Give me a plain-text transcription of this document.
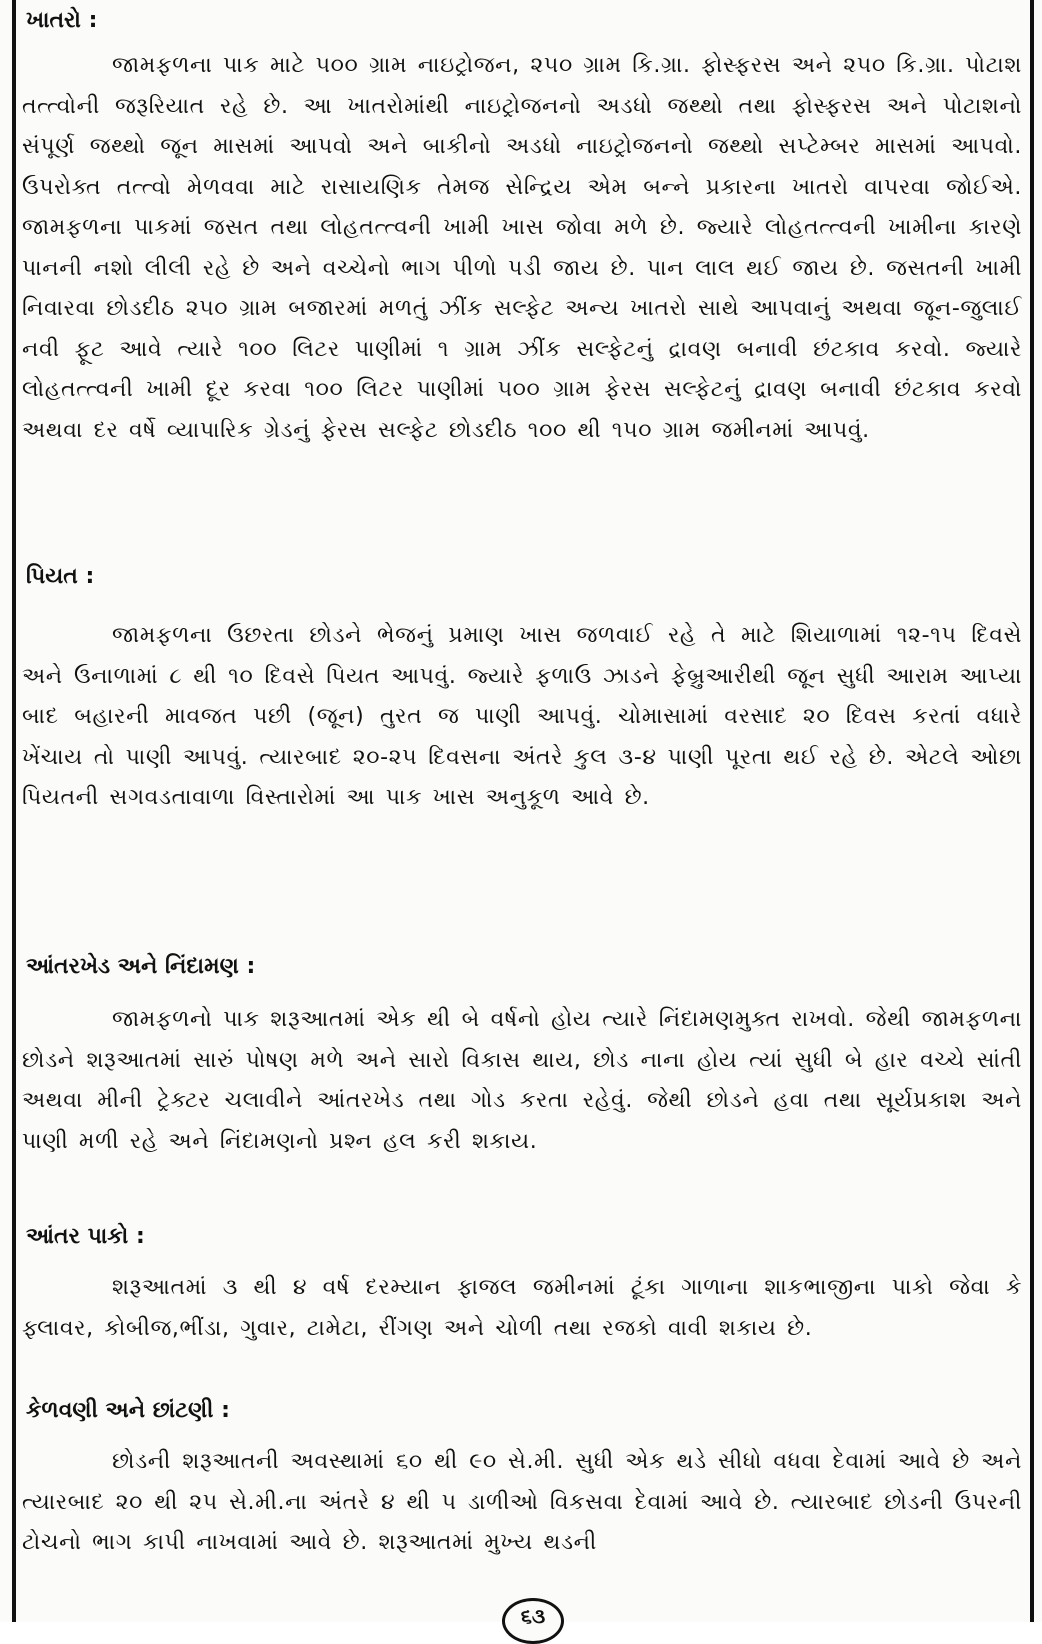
ખાતરો :

જામફળના પાક માટે ૫૦૦ ગ્રામ નાઇટ્રોજન, ૨૫૦ ગ્રામ કિ.ગ્રા. ફોસ્ફરસ અને ૨૫૦ કિ.ગ્રા. પોટાશ તત્ત્વોની જરૂરિયાત રહે છે. આ ખાતરોમાંથી નાઇટ્રોજનનો અડધો જથ્થો તથા ફોસ્ફરસ અને પોટાશનો સંપૂર્ણ જથ્થો જૂન માસમાં આપવો અને બાકીનો અડધો નાઇટ્રોજનનો જથ્થો સપ્ટેમ્બર માસમાં આપવો. ઉપરોક્ત તત્ત્વો મેળવવા માટે રાસાયણિક તેમજ સેન્દ્રિય એમ બન્ને પ્રકારના ખાતરો વાપરવા જોઈએ. જામફળના પાકમાં જસત તથા લોહતત્ત્વની ખામી ખાસ જોવા મળે છે. જ્યારે લોહતત્ત્વની ખામીના કારણે પાનની નશો લીલી રહે છે અને વચ્ચેનો ભાગ પીળો પડી જાય છે. પાન લાલ થઈ જાય છે. જસતની ખામી નિવારવા છોડદીઠ ૨૫૦ ગ્રામ બજારમાં મળતું ઝીંક સલ્ફેટ અન્ય ખાતરો સાથે આપવાનું અથવા જૂન-જુલાઈ નવી ફૂટ આવે ત્યારે ૧૦૦ લિટર પાણીમાં ૧ ગ્રામ ઝીંક સલ્ફેટનું દ્રાવણ બનાવી છંટકાવ કરવો. જ્યારે લોહતત્ત્વની ખામી દૂર કરવા ૧૦૦ લિટર પાણીમાં ૫૦૦ ગ્રામ ફેરસ સલ્ફેટનું દ્રાવણ બનાવી છંટકાવ કરવો અથવા દર વર્ષે વ્યાપારિક ગ્રેડનું ફેરસ સલ્ફેટ છોડદીઠ ૧૦૦ થી ૧૫૦ ગ્રામ જમીનમાં આપવું.

પિયત :

જામફળના ઉછરતા છોડને ભેજનું પ્રમાણ ખાસ જળવાઈ રહે તે માટે શિયાળામાં ૧૨-૧૫ દિવસે અને ઉનાળામાં ૮ થી ૧૦ દિવસે પિયત આપવું. જ્યારે ફળાઉ ઝાડને ફેબ્રુઆરીથી જૂન સુધી આરામ આપ્યા બાદ બહારની માવજત પછી (જૂન) તુરત જ પાણી આપવું. ચોમાસામાં વરસાદ ૨૦ દિવસ કરતાં વધારે ખેંચાય તો પાણી આપવું. ત્યારબાદ ૨૦-૨૫ દિવસના અંતરે કુલ ૩-૪ પાણી પૂરતા થઈ રહે છે. એટલે ઓછા પિયતની સગવડતાવાળા વિસ્તારોમાં આ પાક ખાસ અનુકૂળ આવે છે.

આંતરખેડ અને નિંદામણ :

જામફળનો પાક શરૂઆતમાં એક થી બે વર્ષનો હોય ત્યારે નિંદામણમુક્ત રાખવો. જેથી જામફળના છોડને શરૂઆતમાં સારું પોષણ મળે અને સારો વિકાસ થાય, છોડ નાના હોય ત્યાં સુધી બે હાર વચ્ચે સાંતી અથવા મીની ટ્રેક્ટર ચલાવીને આંતરખેડ તથા ગોડ કરતા રહેવું. જેથી છોડને હવા તથા સૂર્યપ્રકાશ અને પાણી મળી રહે અને નિંદામણનો પ્રશ્ન હલ કરી શકાય.

આંતર પાકો :

શરૂઆતમાં ૩ થી ૪ વર્ષ દરમ્યાન ફાજલ જમીનમાં ટૂંકા ગાળાના શાકભાજીના પાકો જેવા કે ફ્લાવર, કોબીજ,ભીંડા, ગુવાર, ટામેટા, રીંગણ અને ચોળી તથા રજકો વાવી શકાય છે.

કેળવણી અને છાંટણી :

છોડની શરૂઆતની અવસ્થામાં ૬૦ થી ૯૦ સે.મી. સુધી એક થડે સીધો વધવા દેવામાં આવે છે અને ત્યારબાદ ૨૦ થી ૨૫ સે.મી.ના અંતરે ૪ થી ૫ ડાળીઓ વિકસવા દેવામાં આવે છે. ત્યારબાદ છોડની ઉપરની ટોચનો ભાગ કાપી નાખવામાં આવે છે. શરૂઆતમાં મુખ્ય થડની

૬૩
